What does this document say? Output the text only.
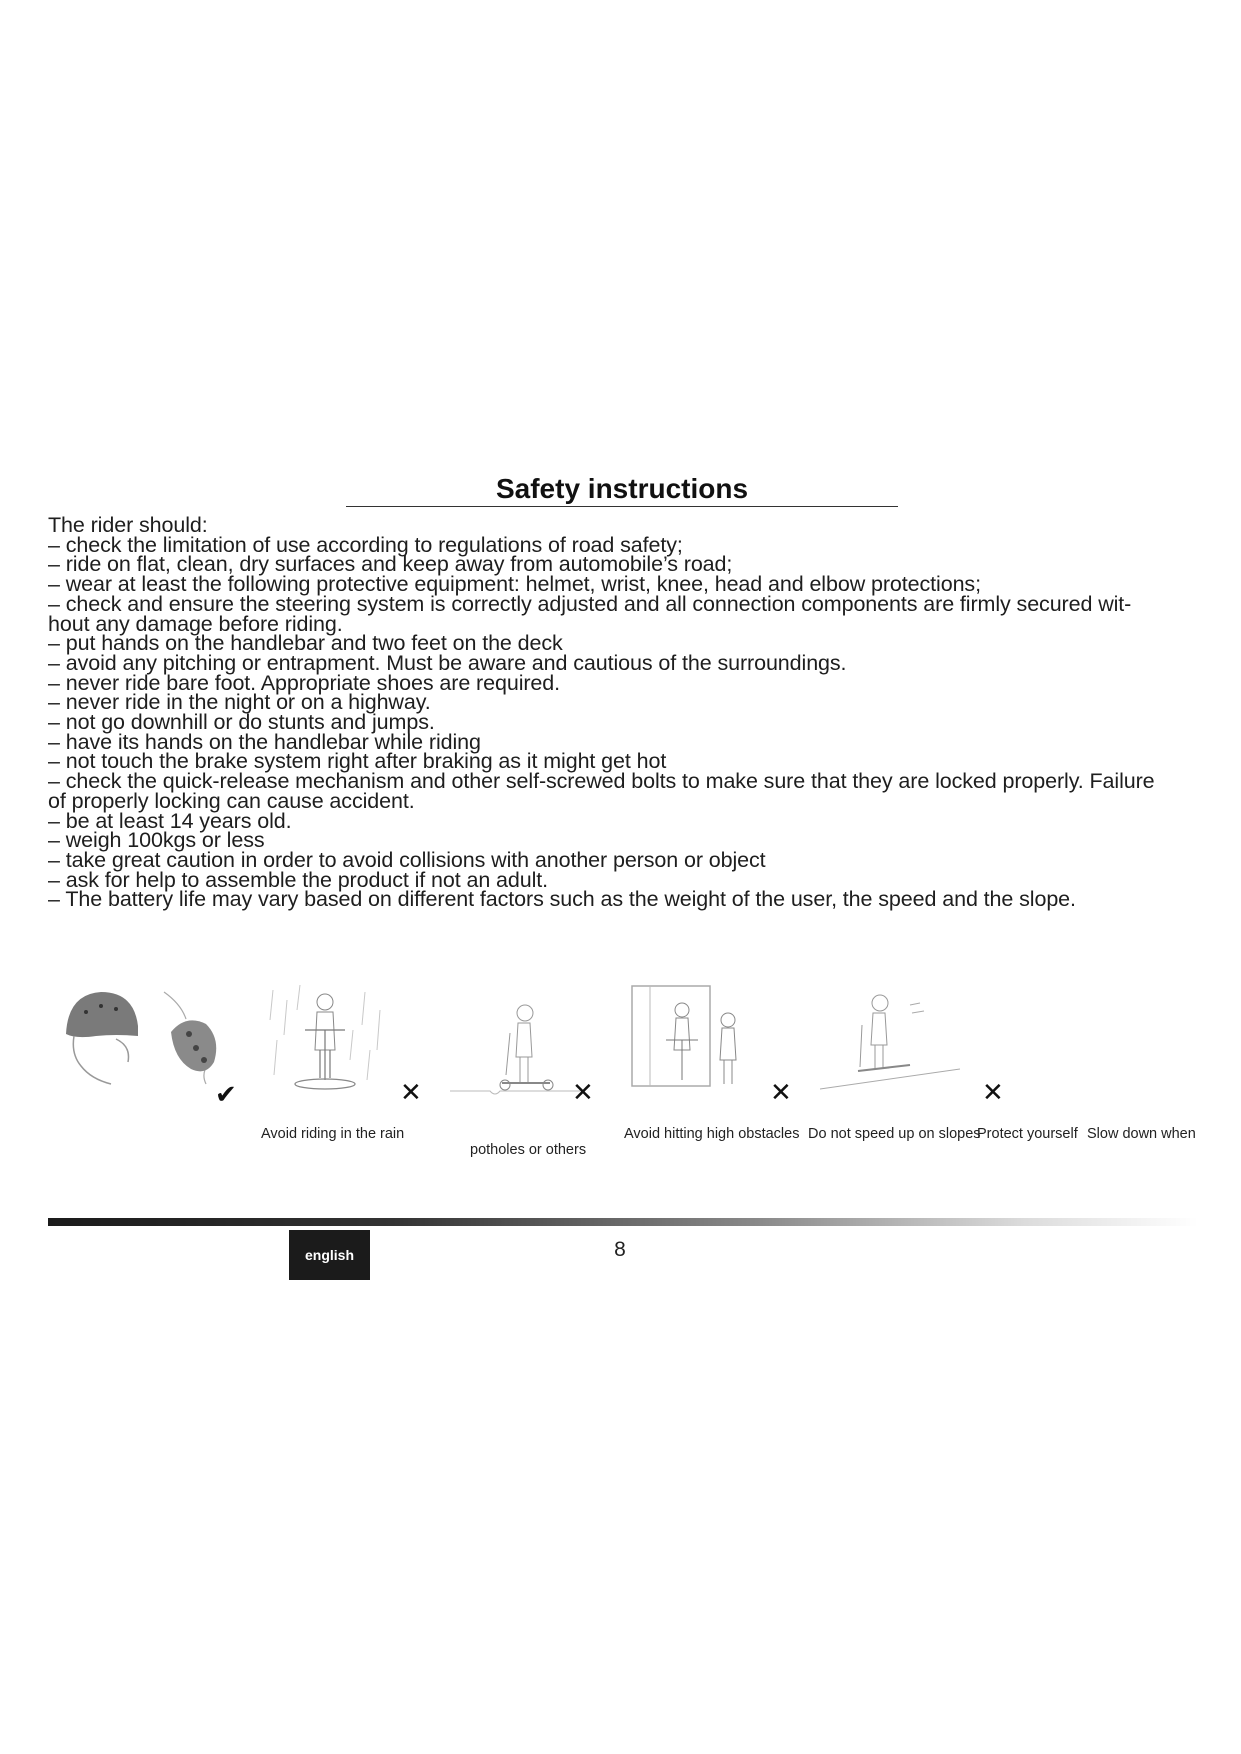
Safety instructions
The rider should:
– check the limitation of use according to regulations of road safety;
– ride on flat, clean, dry surfaces and keep away from automobile’s road;
– wear at least the following protective equipment: helmet, wrist, knee, head and elbow protections;
– check and ensure the steering system is correctly adjusted and all connection components are firmly secured wit-
hout any damage before riding.
– put hands on the handlebar and two feet on the deck
– avoid any pitching or entrapment. Must be aware and cautious of the surroundings.
– never ride bare foot. Appropriate shoes are required.
– never ride in the night or on a highway.
– not go downhill or do stunts and jumps.
– have its hands on the handlebar while riding
– not touch the brake system right after braking as it might get hot
– check the quick-release mechanism and other self-screwed bolts to make sure that they are locked properly. Failure
of properly locking can cause accident.
– be at least 14 years old.
– weigh 100kgs or less
– take great caution in order to avoid collisions with another person or object
– ask for help to assemble the product if not an adult.
– The battery life may vary based on different factors such as the weight of the user, the speed and the slope.
✔	✕
Avoid riding in the rain
✕
potholes or others
✕
Avoid hitting high obstacles
✕
Do not speed up on slopes
Protect yourself Slow down when
english	8
